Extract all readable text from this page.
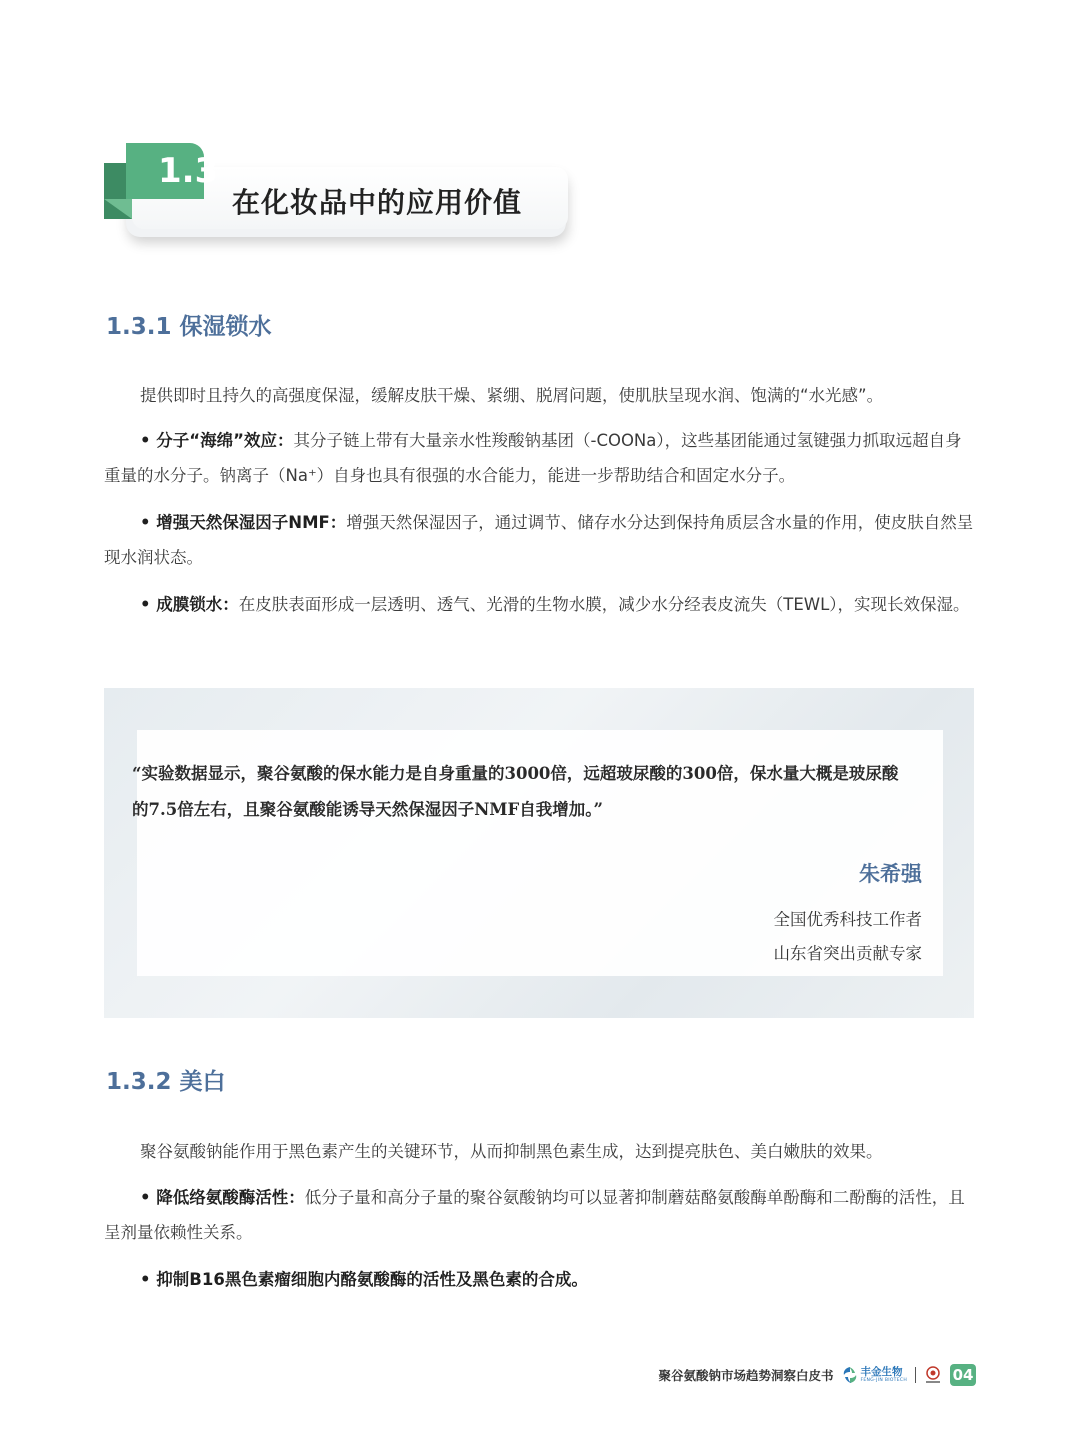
在化妆品中的应用价值
1.3
1.3.1 保湿锁水
提供即时且持久的高强度保湿，缓解皮肤干燥、紧绷、脱屑问题，使肌肤呈现水润、饱满的“水光感”。
• 分子“海绵”效应：其分子链上带有大量亲水性羧酸钠基团（-COONa），这些基团能通过氢键强力抓取远超自身重量的水分子。钠离子（Na⁺）自身也具有很强的水合能力，能进一步帮助结合和固定水分子。
• 增强天然保湿因子NMF：增强天然保湿因子，通过调节、储存水分达到保持角质层含水量的作用，使皮肤自然呈现水润状态。
• 成膜锁水：在皮肤表面形成一层透明、透气、光滑的生物水膜，减少水分经表皮流失（TEWL），实现长效保湿。
“实验数据显示，聚谷氨酸的保水能力是自身重量的3000倍，远超玻尿酸的300倍，保水量大概是玻尿酸的7.5倍左右，且聚谷氨酸能诱导天然保湿因子NMF自我增加。”
朱希强
全国优秀科技工作者
山东省突出贡献专家
1.3.2 美白
聚谷氨酸钠能作用于黑色素产生的关键环节，从而抑制黑色素生成，达到提亮肤色、美白嫩肤的效果。
• 降低络氨酸酶活性：低分子量和高分子量的聚谷氨酸钠均可以显著抑制蘑菇酪氨酸酶单酚酶和二酚酶的活性，且呈剂量依赖性关系。
• 抑制B16黑色素瘤细胞内酪氨酸酶的活性及黑色素的合成。
聚谷氨酸钠市场趋势洞察白皮书	丰金生物
FENG-JIN BIOTECH	04
